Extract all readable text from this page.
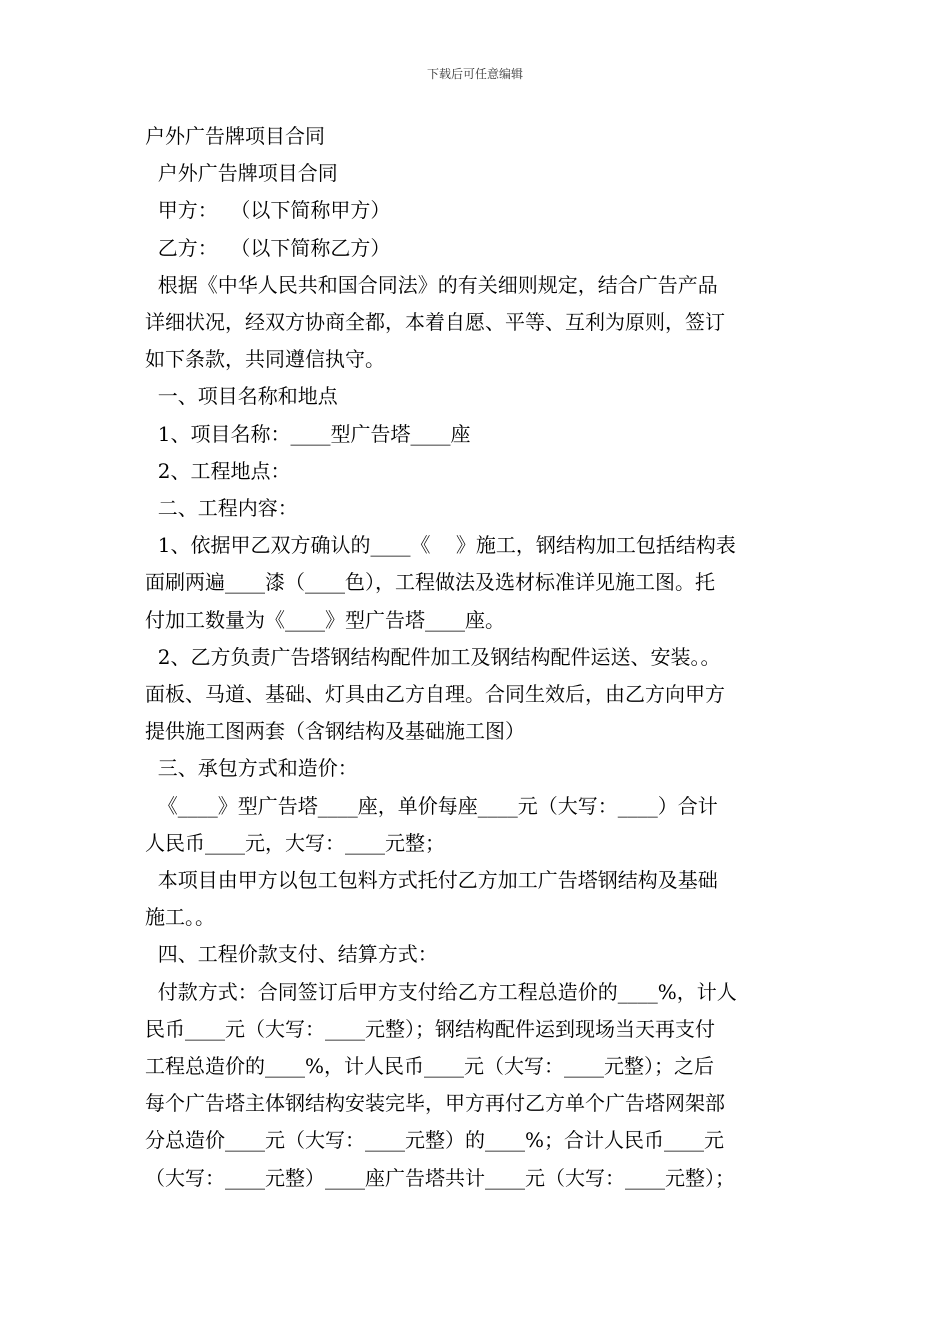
下载后可任意编辑

户外广告牌项目合同

户外广告牌项目合同

甲方：  （以下简称甲方）

乙方：  （以下简称乙方）

根据《中华人民共和国合同法》的有关细则规定，结合广告产品

详细状况，经双方协商全都，本着自愿、平等、互利为原则，签订

如下条款，共同遵信执守。

一、项目名称和地点

1、项目名称：____型广告塔____座

2、工程地点：

二、工程内容：

1、依据甲乙双方确认的____《    》施工，钢结构加工包括结构表

面刷两遍____漆（____色），工程做法及选材标准详见施工图。托

付加工数量为《____》型广告塔____座。

2、乙方负责广告塔钢结构配件加工及钢结构配件运送、安装。。

面板、马道、基础、灯具由乙方自理。合同生效后，由乙方向甲方

提供施工图两套（含钢结构及基础施工图）

三、承包方式和造价：

《____》型广告塔____座，单价每座____元（大写：____）合计

人民币____元，大写：____元整；

本项目由甲方以包工包料方式托付乙方加工广告塔钢结构及基础

施工。。

四、工程价款支付、结算方式：

付款方式：合同签订后甲方支付给乙方工程总造价的____%，计人

民币____元（大写：____元整）；钢结构配件运到现场当天再支付

工程总造价的____%，计人民币____元（大写：____元整）；之后

每个广告塔主体钢结构安装完毕，甲方再付乙方单个广告塔网架部

分总造价____元（大写：____元整）的____%；合计人民币____元

（大写：____元整）____座广告塔共计____元（大写：____元整）；
